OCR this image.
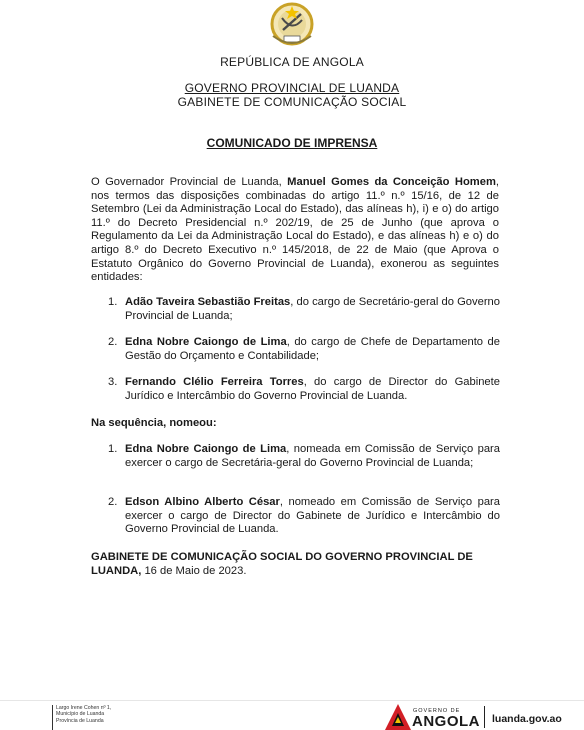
REPÚBLICA DE ANGOLA
GOVERNO PROVINCIAL DE LUANDA
GABINETE DE COMUNICAÇÃO SOCIAL
COMUNICADO DE IMPRENSA
O Governador Provincial de Luanda, Manuel Gomes da Conceição Homem, nos termos das disposições combinadas do artigo 11.º n.º 15/16, de 12 de Setembro (Lei da Administração Local do Estado), das alíneas h), i) e o) do artigo 11.º do Decreto Presidencial n.º 202/19, de 25 de Junho (que aprova o Regulamento da Lei da Administração Local do Estado), e das alíneas h) e o) do artigo 8.º do Decreto Executivo n.º 145/2018, de 22 de Maio (que Aprova o Estatuto Orgânico do Governo Provincial de Luanda), exonerou as seguintes entidades:
1. Adão Taveira Sebastião Freitas, do cargo de Secretário-geral do Governo Provincial de Luanda;
2. Edna Nobre Caiongo de Lima, do cargo de Chefe de Departamento de Gestão do Orçamento e Contabilidade;
3. Fernando Clélio Ferreira Torres, do cargo de Director do Gabinete Jurídico e Intercâmbio do Governo Provincial de Luanda.
Na sequência, nomeou:
1. Edna Nobre Caiongo de Lima, nomeada em Comissão de Serviço para exercer o cargo de Secretária-geral do Governo Provincial de Luanda;
2. Edson Albino Alberto César, nomeado em Comissão de Serviço para exercer o cargo de Director do Gabinete de Jurídico e Intercâmbio do Governo Provincial de Luanda.
GABINETE DE COMUNICAÇÃO SOCIAL DO GOVERNO PROVINCIAL DE LUANDA, 16 de Maio de 2023.
Largo Irene Cohen nº 1,
Município de Luanda
Província de Luanda
GOVERNO DE
ANGOLA luanda.gov.ao
